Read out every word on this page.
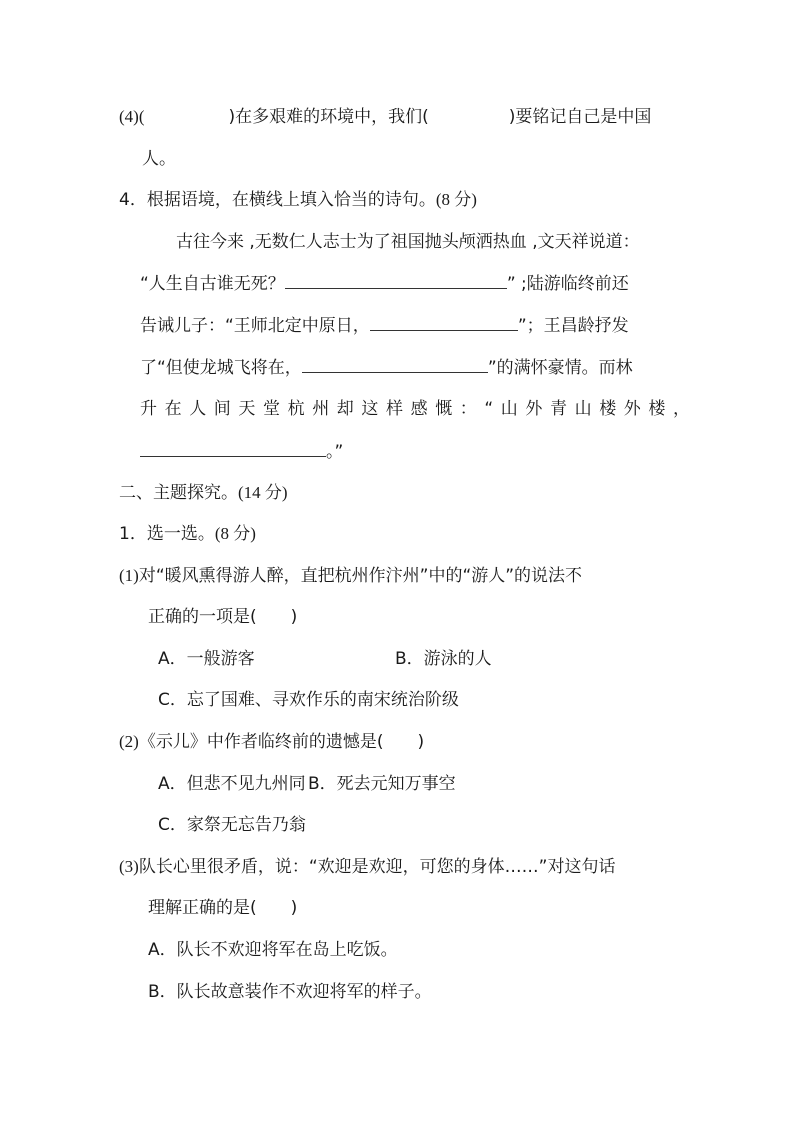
(4)(	)在多艰难的环境中，我们(	)要铭记自己是中国
人。
4．根据语境，在横线上填入恰当的诗句。(8 分)
古往今来 ,无数仁人志士为了祖国抛头颅洒热血 ,文天祥说道：
“人生自古谁无死？	” ;陆游临终前还
告诫儿子：“王师北定中原日，	”；王昌龄抒发
了“但使龙城飞将在，	”的满怀豪情。而林
升在人间天堂杭州却这样感慨：“山外青山楼外楼，
。”
二、主题探究。(14 分)
1．选一选。(8 分)
(1)对“暖风熏得游人醉，直把杭州作汴州”中的“游人”的说法不
正确的一项是(　　)
A．一般游客	B．游泳的人
C．忘了国难、寻欢作乐的南宋统治阶级
(2)《示儿》中作者临终前的遗憾是(　　)
A．但悲不见九州同 B．死去元知万事空
C．家祭无忘告乃翁
(3)队长心里很矛盾，说：“欢迎是欢迎，可您的身体……”对这句话
理解正确的是(　　)
A．队长不欢迎将军在岛上吃饭。
B．队长故意装作不欢迎将军的样子。
